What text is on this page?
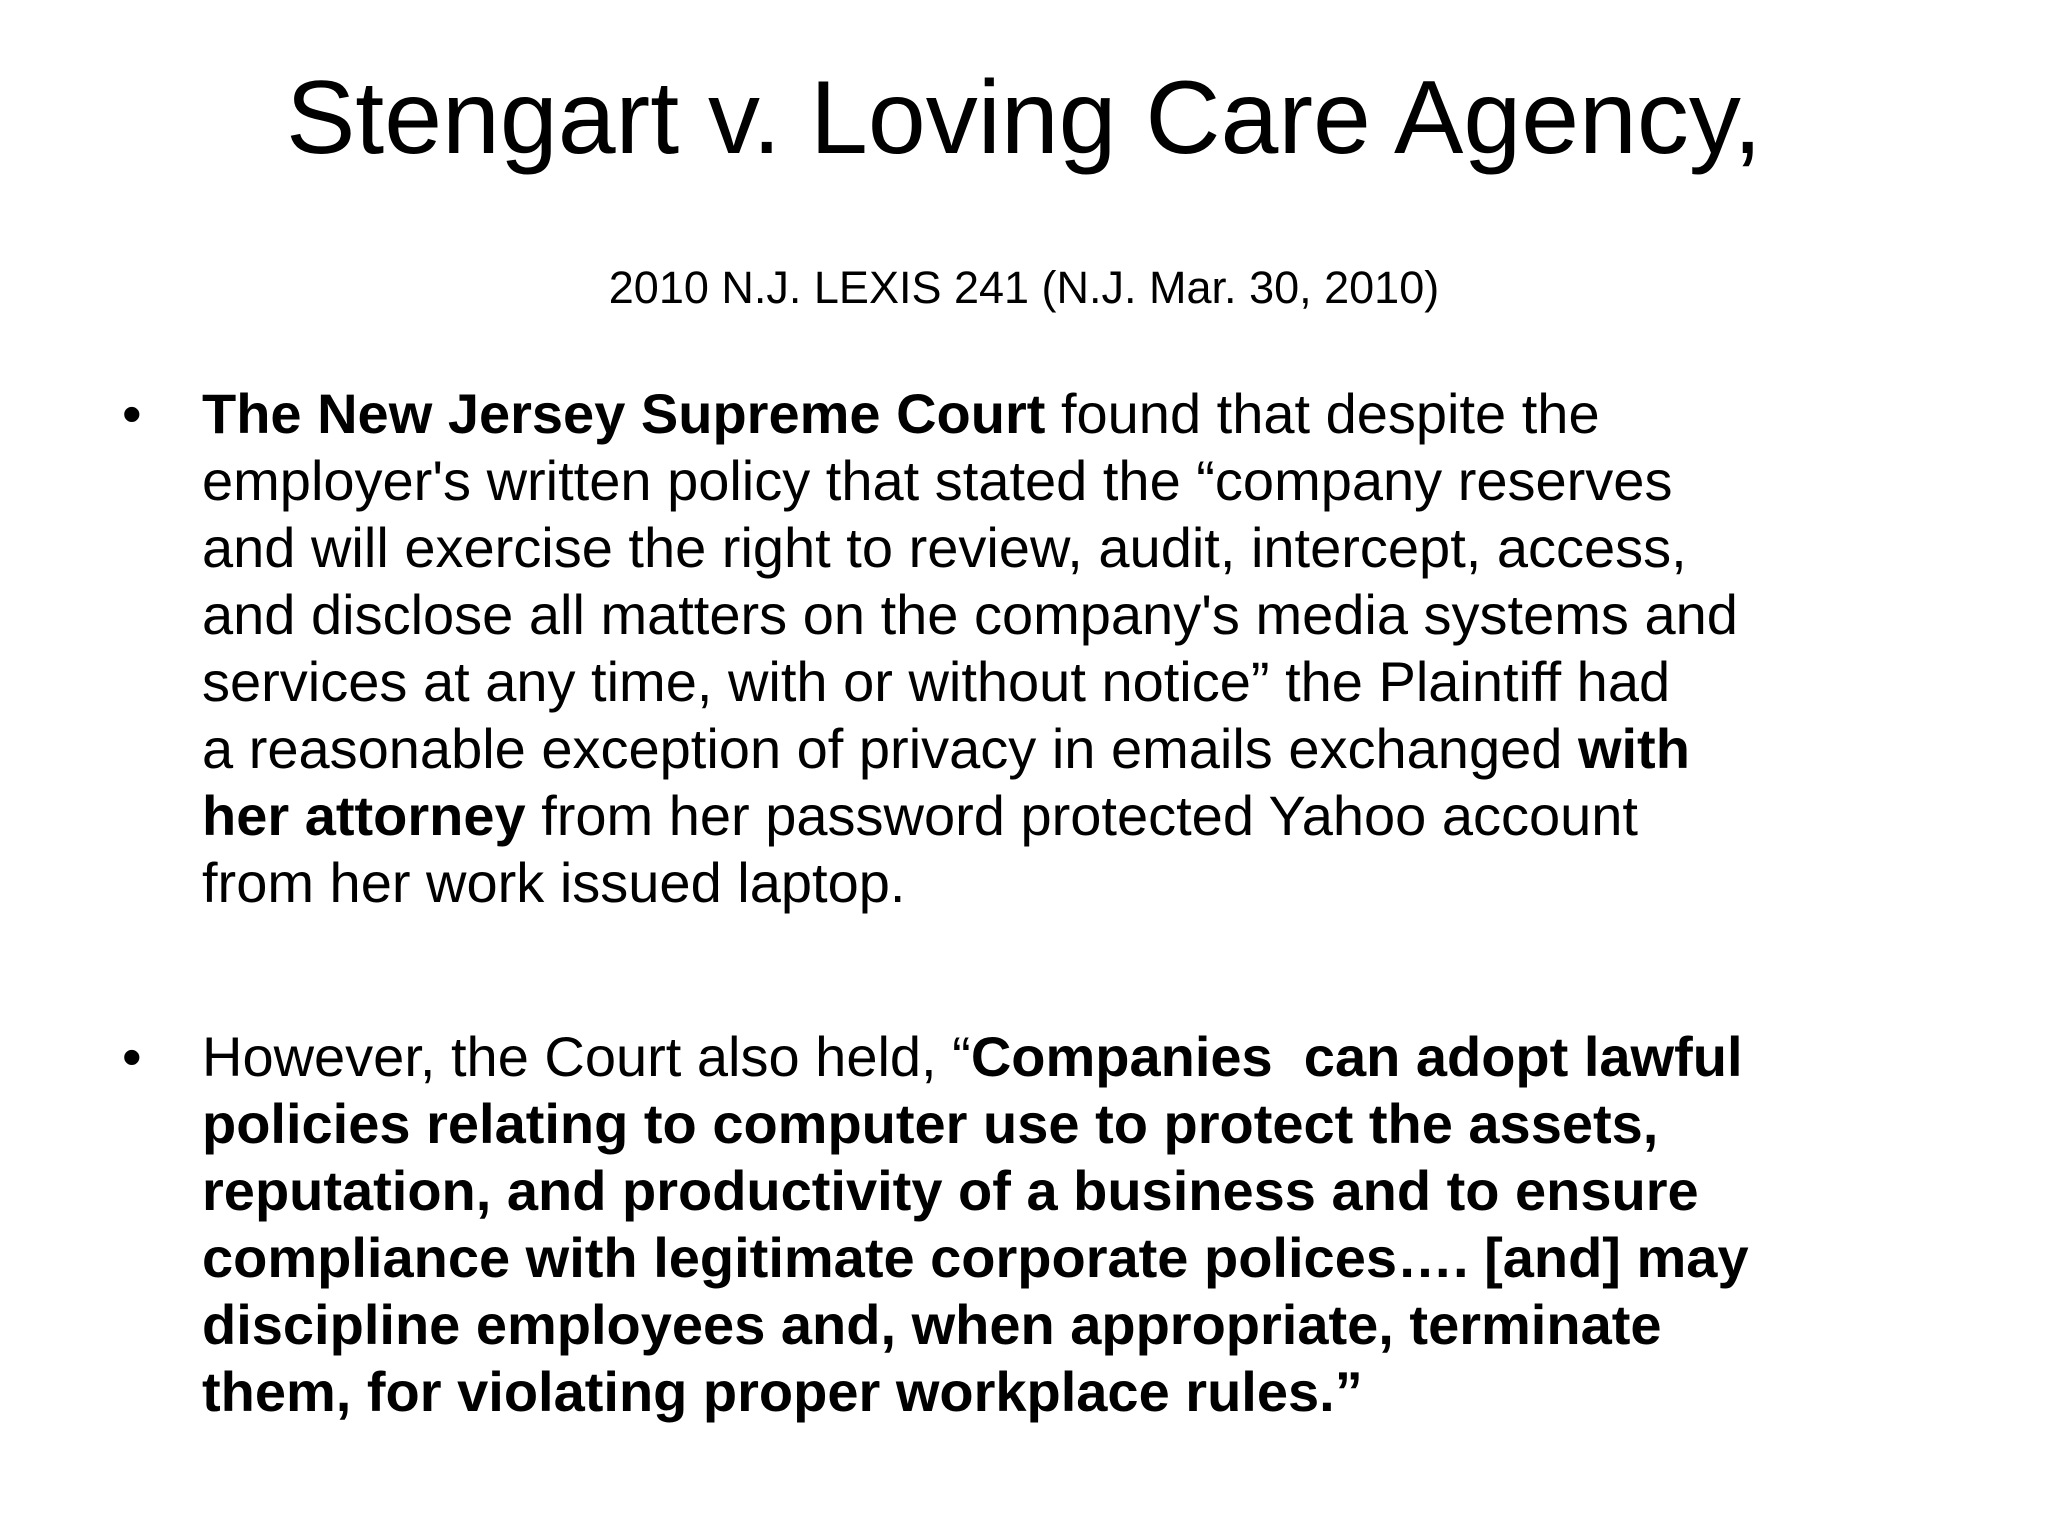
Stengart v. Loving Care Agency,

2010 N.J. LEXIS 241 (N.J. Mar. 30, 2010)

• The New Jersey Supreme Court found that despite the
employer's written policy that stated the “company reserves
and will exercise the right to review, audit, intercept, access,
and disclose all matters on the company's media systems and
services at any time, with or without notice” the Plaintiff had
a reasonable exception of privacy in emails exchanged with
her attorney from her password protected Yahoo account
from her work issued laptop.
• However, the Court also held, “Companies  can adopt lawful
policies relating to computer use to protect the assets,
reputation, and productivity of a business and to ensure
compliance with legitimate corporate polices…. [and] may
discipline employees and, when appropriate, terminate
them, for violating proper workplace rules.”
